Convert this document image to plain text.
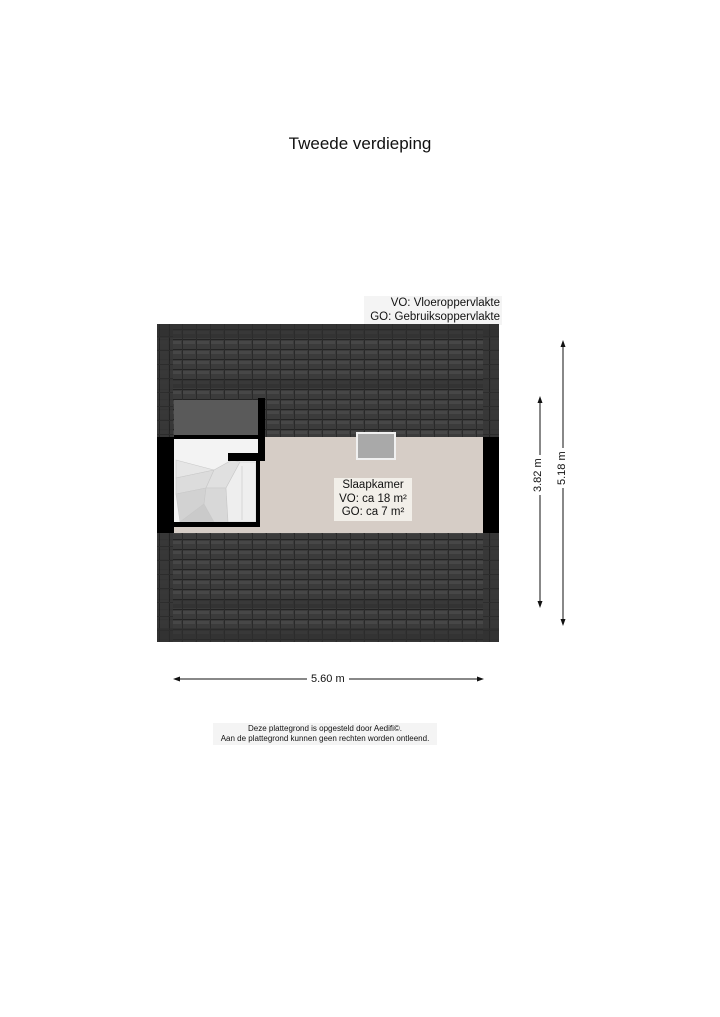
Tweede verdieping
VO: Vloeroppervlakte
GO: Gebruiksoppervlakte
Slaapkamer
VO: ca 18 m²
GO: ca 7 m²
5.60 m
3.82 m 5.18 m
Deze plattegrond is opgesteld door Aedifi©.
Aan de plattegrond kunnen geen rechten worden ontleend.
